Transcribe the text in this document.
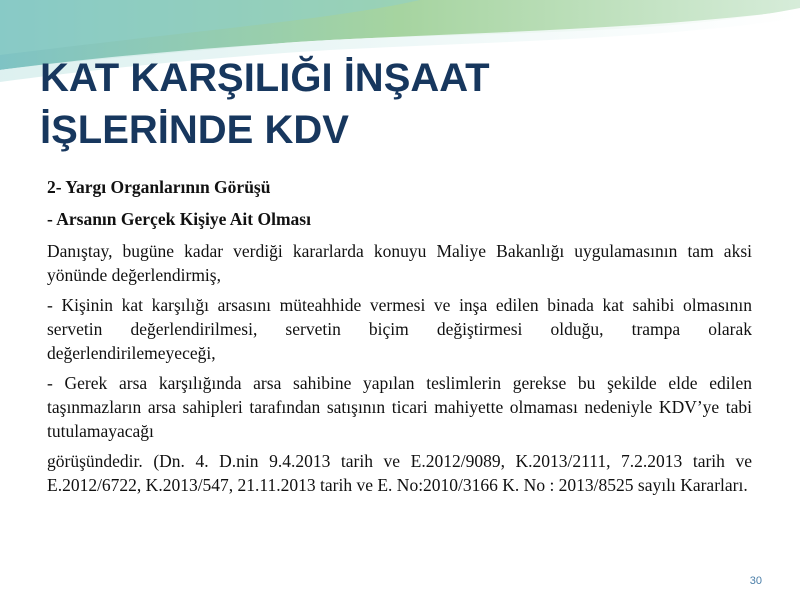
KAT KARŞILIĞI İNŞAAT
İŞLERİNDE KDV

2- Yargı Organlarının Görüşü

- Arsanın Gerçek Kişiye Ait Olması

Danıştay, bugüne kadar verdiği kararlarda konuyu Maliye Bakanlığı uygulamasının tam aksi yönünde değerlendirmiş,

- Kişinin kat karşılığı arsasını müteahhide vermesi ve inşa edilen binada kat sahibi olmasının servetin değerlendirilmesi, servetin biçim değiştirmesi olduğu, trampa olarak değerlendirilemeyeceği,

- Gerek arsa karşılığında arsa sahibine yapılan teslimlerin gerekse bu şekilde elde edilen taşınmazların arsa sahipleri tarafından satışının ticari mahiyette olmaması nedeniyle KDV’ye tabi tutulamayacağı

görüşündedir. (Dn. 4. D.nin 9.4.2013 tarih ve E.2012/9089, K.2013/2111, 7.2.2013 tarih ve E.2012/6722, K.2013/547, 21.11.2013 tarih ve E. No:2010/3166 K. No : 2013/8525 sayılı Kararları.

30
